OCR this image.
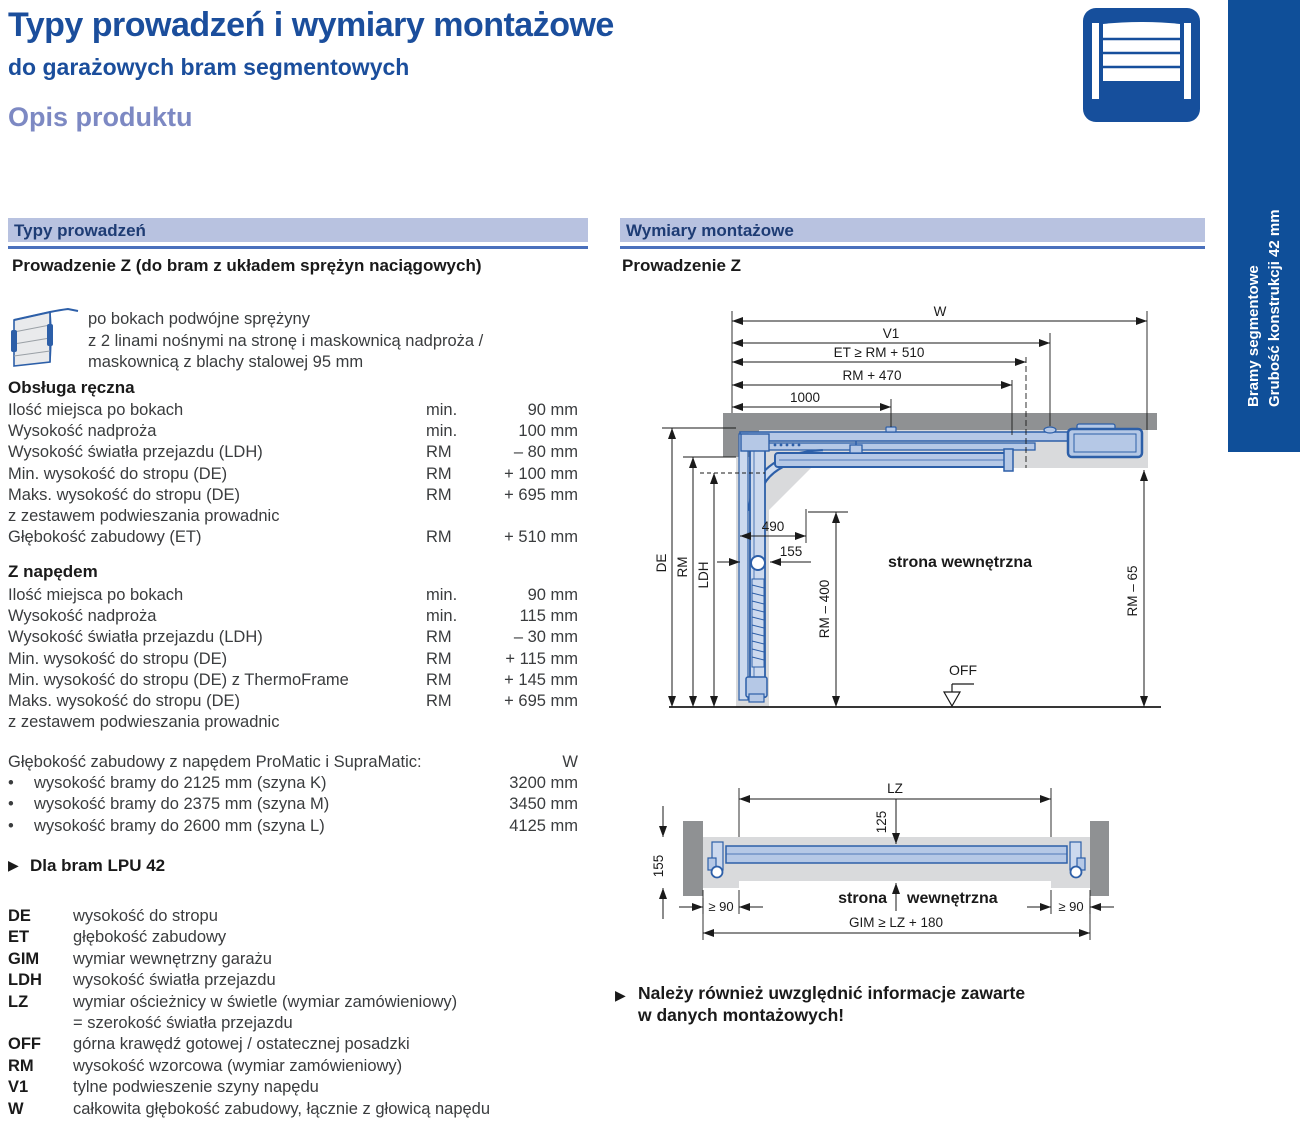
Typy prowadzeń i wymiary montażowe
do garażowych bram segmentowych
Opis produktu
Bramy segmentowe Grubość konstrukcji 42 mm
Typy prowadzeń
Prowadzenie Z (do bram z układem sprężyn naciągowych)
po bokach podwójne sprężyny
z 2 linami nośnymi na stronę i maskownicą nadproża /
maskownicą z blachy stalowej 95 mm
Obsługa ręczna
Ilość miejsca po bokach	min.	90 mm
Wysokość nadproża	min.	100 mm
Wysokość światła przejazdu (LDH)	RM	– 80 mm
Min. wysokość do stropu (DE)	RM	+ 100 mm
Maks. wysokość do stropu (DE)	RM	+ 695 mm
z zestawem podwieszania prowadnic
Głębokość zabudowy (ET)	RM	+ 510 mm
Z napędem
Ilość miejsca po bokach	min.	90 mm
Wysokość nadproża	min.	115 mm
Wysokość światła przejazdu (LDH)	RM	– 30 mm
Min. wysokość do stropu (DE)	RM	+ 115 mm
Min. wysokość do stropu (DE) z ThermoFrame	RM	+ 145 mm
Maks. wysokość do stropu (DE)	RM	+ 695 mm
z zestawem podwieszania prowadnic
Głębokość zabudowy z napędem ProMatic i SupraMatic:	W
•	wysokość bramy do 2125 mm (szyna K)	3200 mm
•	wysokość bramy do 2375 mm (szyna M)	3450 mm
•	wysokość bramy do 2600 mm (szyna L)	4125 mm
▶ Dla bram LPU 42
DE	wysokość do stropu
ET	głębokość zabudowy
GIM	wymiar wewnętrzny garażu
LDH	wysokość światła przejazdu
LZ	wymiar ościeżnicy w świetle (wymiar zamówieniowy)
= szerokość światła przejazdu
OFF	górna krawędź gotowej / ostatecznej posadzki
RM	wysokość wzorcowa (wymiar zamówieniowy)
V1	tylne podwieszenie szyny napędu
W	całkowita głębokość zabudowy, łącznie z głowicą napędu
Wymiary montażowe
Prowadzenie Z
W
V1
ET ≥ RM + 510
RM + 470
1000
DE RM LDH
490
155
RM – 400	RM – 65
strona wewnętrzna
OFF
LZ
125
155
≥ 90	≥ 90
strona wewnętrzna
GIM ≥ LZ + 180
▶ Należy również uwzględnić informacje zawarte
w danych montażowych!
